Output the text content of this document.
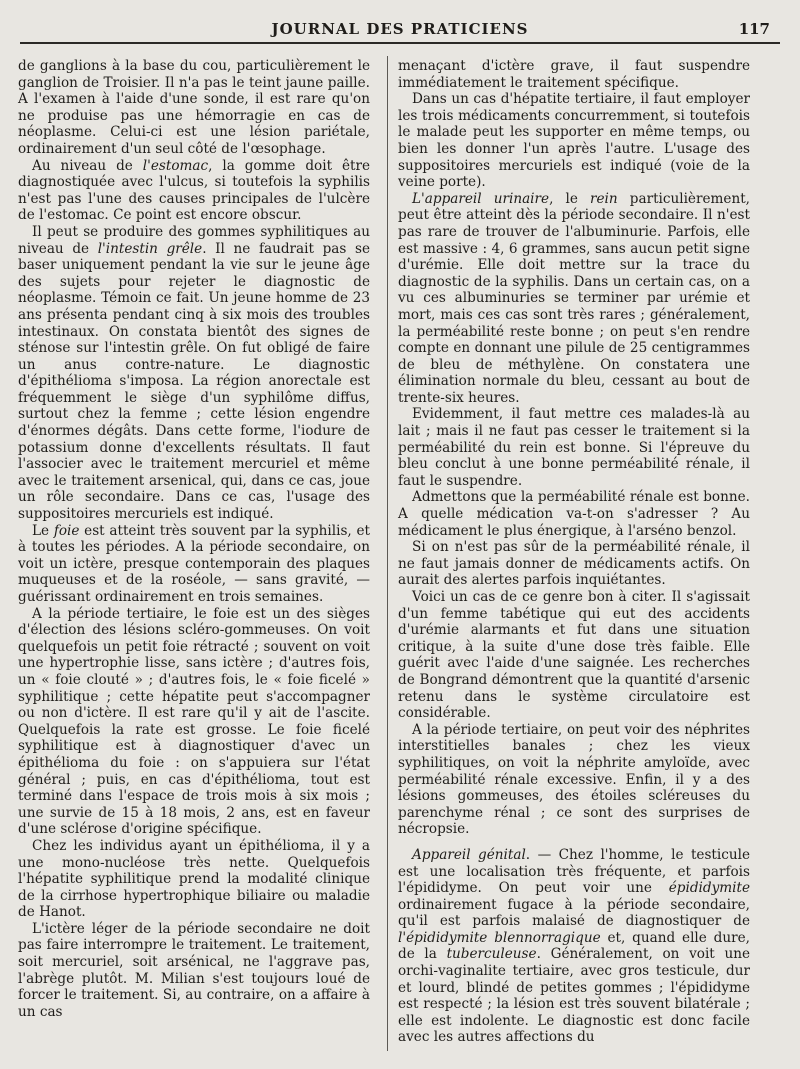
JOURNAL DES PRATICIENS	117

de ganglions à la base du cou, particulièrement le ganglion de Troisier. Il n'a pas le teint jaune paille. A l'examen à l'aide d'une sonde, il est rare qu'on ne produise pas une hémorragie en cas de néoplasme. Celui-ci est une lésion pariétale, ordinairement d'un seul côté de l'œsophage.

Au niveau de l'estomac, la gomme doit être diagnostiquée avec l'ulcus, si toutefois la syphilis n'est pas l'une des causes principales de l'ulcère de l'estomac. Ce point est encore obscur.

Il peut se produire des gommes syphilitiques au niveau de l'intestin grêle. Il ne faudrait pas se baser uniquement pendant la vie sur le jeune âge des sujets pour rejeter le diagnostic de néoplasme. Témoin ce fait. Un jeune homme de 23 ans présenta pendant cinq à six mois des troubles intestinaux. On constata bientôt des signes de sténose sur l'intestin grêle. On fut obligé de faire un anus contre-nature. Le diagnostic d'épithélioma s'imposa. La région anorectale est fréquemment le siège d'un syphilôme diffus, surtout chez la femme ; cette lésion engendre d'énormes dégâts. Dans cette forme, l'iodure de potassium donne d'excellents résultats. Il faut l'associer avec le traitement mercuriel et même avec le traitement arsenical, qui, dans ce cas, joue un rôle secondaire. Dans ce cas, l'usage des suppositoires mercuriels est indiqué.

Le foie est atteint très souvent par la syphilis, et à toutes les périodes. A la période secondaire, on voit un ictère, presque contemporain des plaques muqueuses et de la roséole, — sans gravité, — guérissant ordinairement en trois semaines.

A la période tertiaire, le foie est un des sièges d'élection des lésions scléro-gommeuses. On voit quelquefois un petit foie rétracté ; souvent on voit une hypertrophie lisse, sans ictère ; d'autres fois, un « foie clouté » ; d'autres fois, le « foie ficelé » syphilitique ; cette hépatite peut s'accompagner ou non d'ictère. Il est rare qu'il y ait de l'ascite. Quelquefois la rate est grosse. Le foie ficelé syphilitique est à diagnostiquer d'avec un épithélioma du foie : on s'appuiera sur l'état général ; puis, en cas d'épithélioma, tout est terminé dans l'espace de trois mois à six mois ; une survie de 15 à 18 mois, 2 ans, est en faveur d'une sclérose d'origine spécifique.

Chez les individus ayant un épithélioma, il y a une mono-nucléose très nette. Quelquefois l'hépatite syphilitique prend la modalité clinique de la cirrhose hypertrophique biliaire ou maladie de Hanot.

L'ictère léger de la période secondaire ne doit pas faire interrompre le traitement. Le traitement, soit mercuriel, soit arsénical, ne l'aggrave pas, l'abrège plutôt. M. Milian s'est toujours loué de forcer le traitement. Si, au contraire, on a affaire à un cas

menaçant d'ictère grave, il faut suspendre immédiatement le traitement spécifique.

Dans un cas d'hépatite tertiaire, il faut employer les trois médicaments concurremment, si toutefois le malade peut les supporter en même temps, ou bien les donner l'un après l'autre. L'usage des suppositoires mercuriels est indiqué (voie de la veine porte).

L'appareil urinaire, le rein particulièrement, peut être atteint dès la période secondaire. Il n'est pas rare de trouver de l'albuminurie. Parfois, elle est massive : 4, 6 grammes, sans aucun petit signe d'urémie. Elle doit mettre sur la trace du diagnostic de la syphilis. Dans un certain cas, on a vu ces albuminuries se terminer par urémie et mort, mais ces cas sont très rares ; généralement, la perméabilité reste bonne ; on peut s'en rendre compte en donnant une pilule de 25 centigrammes de bleu de méthylène. On constatera une élimination normale du bleu, cessant au bout de trente-six heures.

Evidemment, il faut mettre ces malades-là au lait ; mais il ne faut pas cesser le traitement si la perméabilité du rein est bonne. Si l'épreuve du bleu conclut à une bonne perméabilité rénale, il faut le suspendre.

Admettons que la perméabilité rénale est bonne. A quelle médication va-t-on s'adresser ? Au médicament le plus énergique, à l'arséno benzol.

Si on n'est pas sûr de la perméabilité rénale, il ne faut jamais donner de médicaments actifs. On aurait des alertes parfois inquiétantes.

Voici un cas de ce genre bon à citer. Il s'agissait d'un femme tabétique qui eut des accidents d'urémie alarmants et fut dans une situation critique, à la suite d'une dose très faible. Elle guérit avec l'aide d'une saignée. Les recherches de Bongrand démontrent que la quantité d'arsenic retenu dans le système circulatoire est considérable.

A la période tertiaire, on peut voir des néphrites interstitielles banales ; chez les vieux syphilitiques, on voit la néphrite amyloïde, avec perméabilité rénale excessive. Enfin, il y a des lésions gommeuses, des étoiles scléreuses du parenchyme rénal ; ce sont des surprises de nécropsie.

Appareil génital. — Chez l'homme, le testicule est une localisation très fréquente, et parfois l'épididyme. On peut voir une épididymite ordinairement fugace à la période secondaire, qu'il est parfois malaisé de diagnostiquer de l'épididymite blennorragique et, quand elle dure, de la tuberculeuse. Généralement, on voit une orchi-vaginalite tertiaire, avec gros testicule, dur et lourd, blindé de petites gommes ; l'épididyme est respecté ; la lésion est très souvent bilatérale ; elle est indolente. Le diagnostic est donc facile avec les autres affections du
